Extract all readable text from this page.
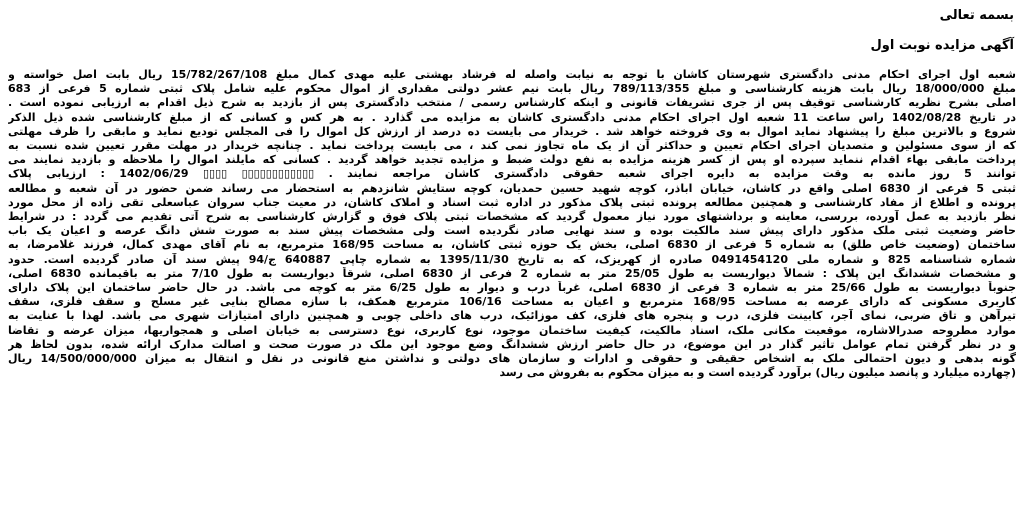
بسمه تعالی
آگهی مزایده نوبت اول
شعبه اول اجرای احکام مدنی دادگستری شهرستان کاشان با توجه به نیابت واصله له فرشاد بهشتی علیه مهدی کمال مبلغ 15/782/267/108 ریال بابت اصل خواسته و
مبلغ 18/000/000 ریال بابت هزینه کارشناسی و مبلغ 789/113/355 ریال بابت نیم عشر دولتی مقداری از اموال محکوم علیه شامل پلاک ثبتی شماره 5 فرعی از 683
اصلی بشرح نظریه کارشناسی توقیف پس از جری تشریفات قانونی و اینکه کارشناس رسمی / منتخب دادگستری پس از بازدید به شرح ذیل اقدام به ارزیابی نموده است .
در تاریخ 1402/08/28 راس ساعت 11 شعبه اول اجرای احکام مدنی دادگستری کاشان به مزایده می گذارد . به هر کس و کسانی که از مبلغ کارشناسی شده ذیل الذکر
شروع و بالاترین مبلغ را پیشنهاد نماید اموال به وی فروخته خواهد شد . خریدار می بایست ده درصد از ارزش کل اموال را فی المجلس تودیع نماید و مابقی را ظرف مهلتی
که از سوی مسئولین و متصدیان اجرای احکام تعیین و حداکثر آن از یک ماه تجاوز نمی کند ، می بایست پرداخت نماید . چنانچه خریدار در مهلت مقرر تعیین شده نسبت به
پرداخت مابقی بهاء اقدام ننماید سپرده او پس از کسر هزینه مزایده به نفع دولت ضبط و مزایده تجدید خواهد گردید . کسانی که مایلند اموال را ملاحظه و بازدید نمایند می
توانند 5 روز مانده به وقت مزایده به دایره اجرای شعبه حقوقی دادگستری کاشان مراجعه نمایند . ▯▯▯▯▯▯▯▯▯▯▯▯ ▯▯▯▯ 1402/06/29 : ارزیابی پلاک
ثبتی 5 فرعی از 6830 اصلی واقع در کاشان، خیابان اباذر، کوچه شهید حسین حمدیان، کوچه ستایش شانزدهم به استحضار می رساند ضمن حضور در آن شعبه و مطالعه
پرونده و اطلاع از مفاد کارشناسی و همچنین مطالعه پرونده ثبتی پلاک مذکور در اداره ثبت اسناد و املاک کاشان، در معیت جناب سروان عباسعلی تقی زاده از محل مورد
نظر بازدید به عمل آورده، بررسی، معاینه و برداشتهای مورد نیاز معمول گردید که مشخصات ثبتی پلاک فوق و گزارش کارشناسی به شرح آتی تقدیم می گردد : در شرایط
حاضر وضعیت ثبتی ملک مذکور دارای پیش سند مالکیت بوده و سند نهایی صادر نگردیده است ولی مشخصات پیش سند به صورت شش دانگ عرصه و اعیان یک باب
ساختمان (وضعیت خاص طلق) به شماره 5 فرعی از 6830 اصلی، بخش یک حوزه ثبتی کاشان، به مساحت 168/95 مترمربع، به نام آقای مهدی کمال، فرزند غلامرضا، به
شماره شناسنامه 825 و شماره ملی 0491454120 صادره از کهریزک، که به تاریخ 1395/11/30 به شماره چاپی 640887 ج/94 پیش سند آن صادر گردیده است. حدود
و مشخصات ششدانگ این پلاک : شمالاً دیواریست به طول 25/05 متر به شماره 2 فرعی از 6830 اصلی، شرقاً دیواریست به طول 7/10 متر به باقیمانده 6830 اصلی،
جنوباً دیواریست به طول 25/66 متر به شماره 3 فرعی از 6830 اصلی، غرباً درب و دیوار به طول 6/25 متر به کوچه می باشد. در حال حاضر ساختمان این پلاک دارای
کاربری مسکونی که دارای عرصه به مساحت 168/95 مترمربع و اعیان به مساحت 106/16 مترمربع همکف، با سازه مصالح بنایی غیر مسلح و سقف فلزی، سقف
تیرآهن و تاق ضربی، نمای آجر، کابینت فلزی، درب و پنجره های فلزی، کف موزائیک، درب های داخلی چوبی و همچنین دارای امتیازات شهری می باشد. لهذا با عنایت به
موارد مطروحه صدرالاشاره، موقعیت مکانی ملک، اسناد مالکیت، کیفیت ساختمان موجود، نوع کاربری، نوع دسترسی به خیابان اصلی و همجواریها، میزان عرضه و تقاضا
و در نظر گرفتن تمام عوامل تأثیر گذار در این موضوع، در حال حاضر ارزش ششدانگ وضع موجود این ملک در صورت صحت و اصالت مدارک ارائه شده، بدون لحاظ هر
گونه بدهی و دیون احتمالی ملک به اشخاص حقیقی و حقوقی و ادارات و سازمان های دولتی و نداشتن منع قانونی در نقل و انتقال به میزان 14/500/000/000 ریال
(چهارده میلیارد و پانصد میلیون ریال) برآورد گردیده است و به میزان محکوم به بفروش می رسد
